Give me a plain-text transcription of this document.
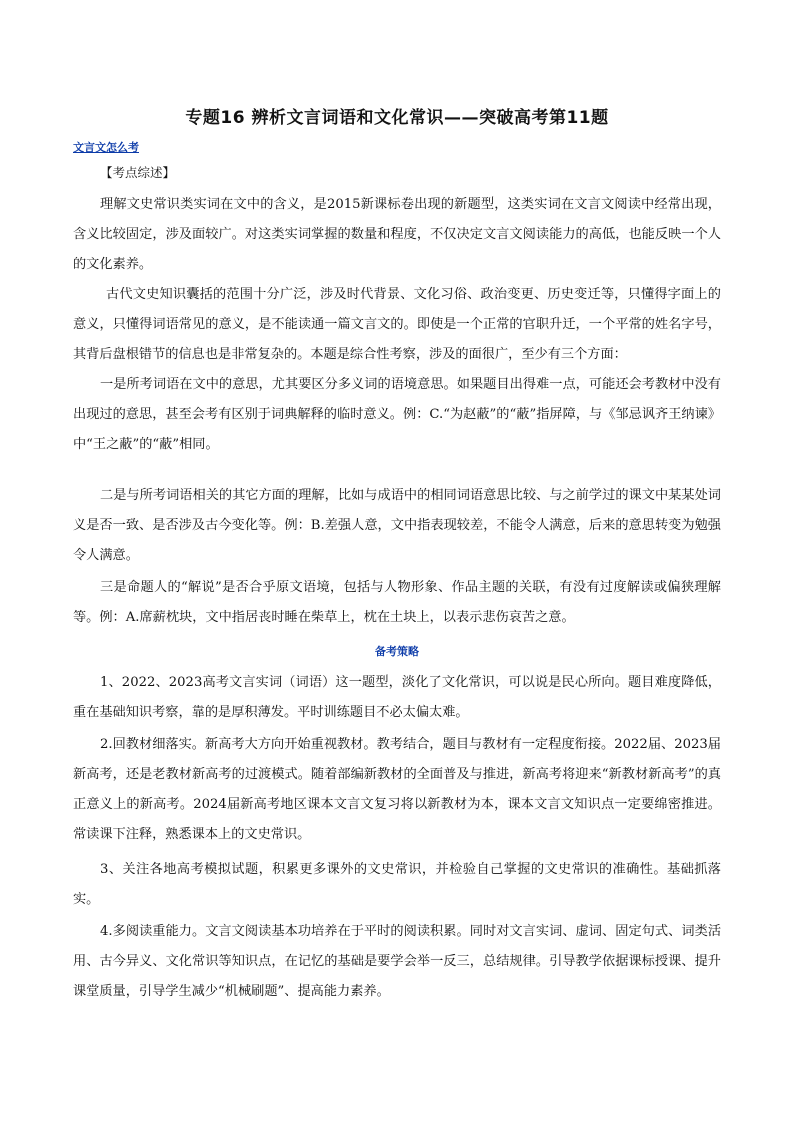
专题16 辨析文言词语和文化常识——突破高考第11题
文言文怎么考
【考点综述】

理解文史常识类实词在文中的含义，是2015新课标卷出现的新题型，这类实词在文言文阅读中经常出现，含义比较固定，涉及面较广。对这类实词掌握的数量和程度，不仅决定文言文阅读能力的高低，也能反映一个人的文化素养。

古代文史知识囊括的范围十分广泛，涉及时代背景、文化习俗、政治变更、历史变迁等，只懂得字面上的意义，只懂得词语常见的意义，是不能读通一篇文言文的。即使是一个正常的官职升迁，一个平常的姓名字号，其背后盘根错节的信息也是非常复杂的。本题是综合性考察，涉及的面很广，至少有三个方面：

一是所考词语在文中的意思，尤其要区分多义词的语境意思。如果题目出得难一点，可能还会考教材中没有出现过的意思，甚至会考有区别于词典解释的临时意义。例：C.“为赵蔽”的“蔽”指屏障，与《邹忌讽齐王纳谏》中“王之蔽”的“蔽”相同。

二是与所考词语相关的其它方面的理解，比如与成语中的相同词语意思比较、与之前学过的课文中某某处词义是否一致、是否涉及古今变化等。例：B.差强人意，文中指表现较差，不能令人满意，后来的意思转变为勉强令人满意。

三是命题人的“解说”是否合乎原文语境，包括与人物形象、作品主题的关联，有没有过度解读或偏狭理解等。例：A.席薪枕块，文中指居丧时睡在柴草上，枕在土块上，以表示悲伤哀苦之意。

备考策略

1、2022、2023高考文言实词（词语）这一题型，淡化了文化常识，可以说是民心所向。题目难度降低，重在基础知识考察，靠的是厚积薄发。平时训练题目不必太偏太难。

2.回教材细落实。新高考大方向开始重视教材。教考结合，题目与教材有一定程度衔接。2022届、2023届新高考，还是老教材新高考的过渡模式。随着部编新教材的全面普及与推进，新高考将迎来“新教材新高考”的真正意义上的新高考。2024届新高考地区课本文言文复习将以新教材为本，课本文言文知识点一定要绵密推进。常读课下注释，熟悉课本上的文史常识。

3、关注各地高考模拟试题，积累更多课外的文史常识，并检验自己掌握的文史常识的准确性。基础抓落实。

4.多阅读重能力。文言文阅读基本功培养在于平时的阅读积累。同时对文言实词、虚词、固定句式、词类活用、古今异义、文化常识等知识点，在记忆的基础是要学会举一反三，总结规律。引导教学依据课标授课、提升课堂质量，引导学生减少“机械刷题”、提高能力素养。
